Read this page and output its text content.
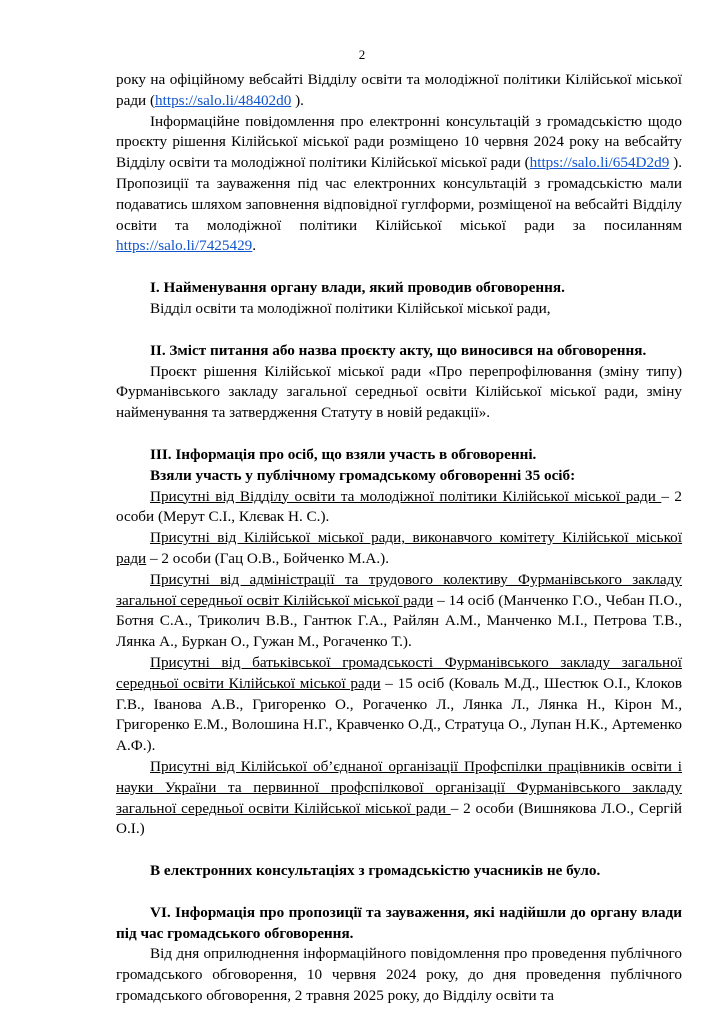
2

року на офіційному вебсайті Відділу освіти та молодіжної політики Кілійської міської ради (https://salo.li/48402d0 ).

Інформаційне повідомлення про електронні консультацій з громадськістю щодо проєкту рішення Кілійської міської ради розміщено 10 червня 2024 року на вебсайту Відділу освіти та молодіжної політики Кілійської міської ради (https://salo.li/654D2d9 ). Пропозиції та зауваження під час електронних консультацій з громадськістю мали подаватись шляхом заповнення відповідної гуглформи, розміщеної на вебсайті Відділу освіти та молодіжної політики Кілійської міської ради за посиланням https://salo.li/7425429.

І. Найменування органу влади, який проводив обговорення.

Відділ освіти та молодіжної політики Кілійської міської ради,

ІІ. Зміст питання або назва проєкту акту, що виносився на обговорення.

Проєкт рішення Кілійської міської ради «Про перепрофілювання (зміну типу) Фурманівського закладу загальної середньої освіти Кілійської міської ради, зміну найменування та затвердження Статуту в новій редакції».

ІІІ. Інформація про осіб, що взяли участь в обговоренні.

Взяли участь у публічному громадському обговоренні 35 осіб:

Присутні від Відділу освіти та молодіжної політики Кілійської міської ради – 2 особи (Мерут С.І., Клєвак Н. С.).

Присутні від Кілійської міської ради, виконавчого комітету Кілійської міської ради – 2 особи (Гац О.В., Бойченко М.А.).

Присутні від адміністрації та трудового колективу Фурманівського закладу загальної середньої освіт Кілійської міської ради – 14 осіб (Манченко Г.О., Чебан П.О., Ботня С.А., Триколич В.В., Гантюк Г.А., Райлян А.М., Манченко М.І., Петрова Т.В., Лянка А., Буркан О., Гужан М., Рогаченко Т.).

Присутні від батьківської громадськості Фурманівського закладу загальної середньої освіти Кілійської міської ради – 15 осіб (Коваль М.Д., Шестюк О.І., Клоков Г.В., Іванова А.В., Григоренко О., Рогаченко Л., Лянка Л., Лянка Н., Кірон М., Григоренко Е.М., Волошина Н.Г., Кравченко О.Д., Стратуца О., Лупан Н.К., Артеменко А.Ф.).

Присутні від Кілійської об’єднаної організації Профспілки працівників освіти і науки України та первинної профспілкової організації Фурманівського закладу загальної середньої освіти Кілійської міської ради – 2 особи (Вишнякова Л.О., Сергій О.І.)

В електронних консультаціях з громадськістю учасників не було.

VІ. Інформація про пропозиції та зауваження, які надійшли до органу влади під час громадського обговорення.

Від дня оприлюднення інформаційного повідомлення про проведення публічного громадського обговорення, 10 червня 2024 року, до дня проведення публічного громадського обговорення, 2 травня 2025 року, до Відділу освіти та
